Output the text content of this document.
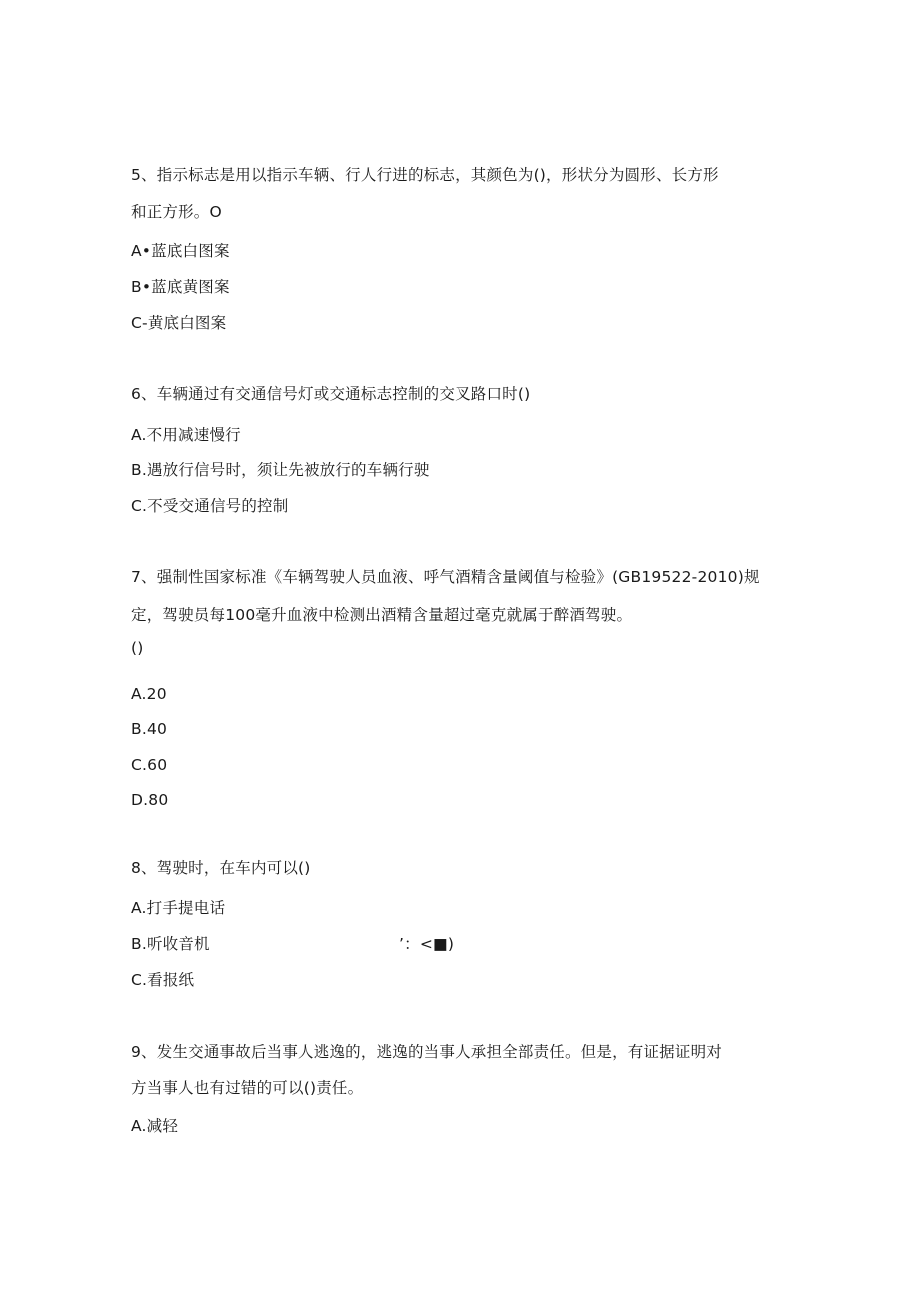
5、指示标志是用以指示车辆、行人行进的标志，其颜色为()，形状分为圆形、长方形
和正方形。O
A•蓝底白图案
B•蓝底黄图案
C-黄底白图案
6、车辆通过有交通信号灯或交通标志控制的交叉路口时()
A.不用减速慢行
B.遇放行信号时，须让先被放行的车辆行驶
C.不受交通信号的控制
7、强制性国家标准《车辆驾驶人员血液、呼气酒精含量阈值与检验》(GB19522-2010)规
定，驾驶员每100毫升血液中检测出酒精含量超过毫克就属于醉酒驾驶。
()
A.20
B.40
C.60
D.80
8、驾驶时，在车内可以()
A.打手提电话
B.听收音机	’：<■)
C.看报纸
9、发生交通事故后当事人逃逸的，逃逸的当事人承担全部责任。但是，有证据证明对
方当事人也有过错的可以()责任。
A.减轻
